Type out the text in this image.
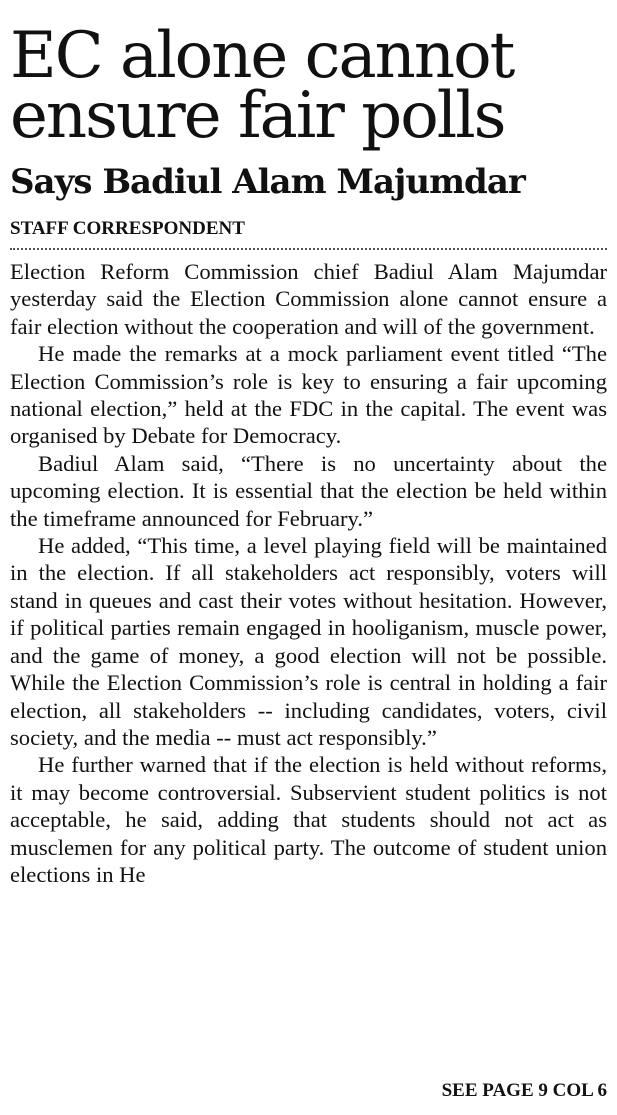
EC alone cannot ensure fair polls
Says Badiul Alam Majumdar
STAFF CORRESPONDENT

Election Reform Commission chief Badiul Alam Majumdar yesterday said the Election Commission alone cannot ensure a fair election without the cooperation and will of the government.

He made the remarks at a mock parliament event titled “The Election Commission’s role is key to ensuring a fair upcoming national election,” held at the FDC in the capital. The event was organised by Debate for Democracy.

Badiul Alam said, “There is no uncertainty about the upcoming election. It is essential that the election be held within the timeframe announced for February.”

He added, “This time, a level playing field will be maintained in the election. If all stakeholders act responsibly, voters will stand in queues and cast their votes without hesitation. However, if political parties remain engaged in hooliganism, muscle power, and the game of money, a good election will not be possible. While the Election Commission’s role is central in holding a fair election, all stakeholders -- including candidates, voters, civil society, and the media -- must act responsibly.”

He further warned that if the election is held without reforms, it may become controversial. Subservient student politics is not acceptable, he said, adding that students should not act as musclemen for any political party. The outcome of student union elections in He

SEE PAGE 9 COL 6
